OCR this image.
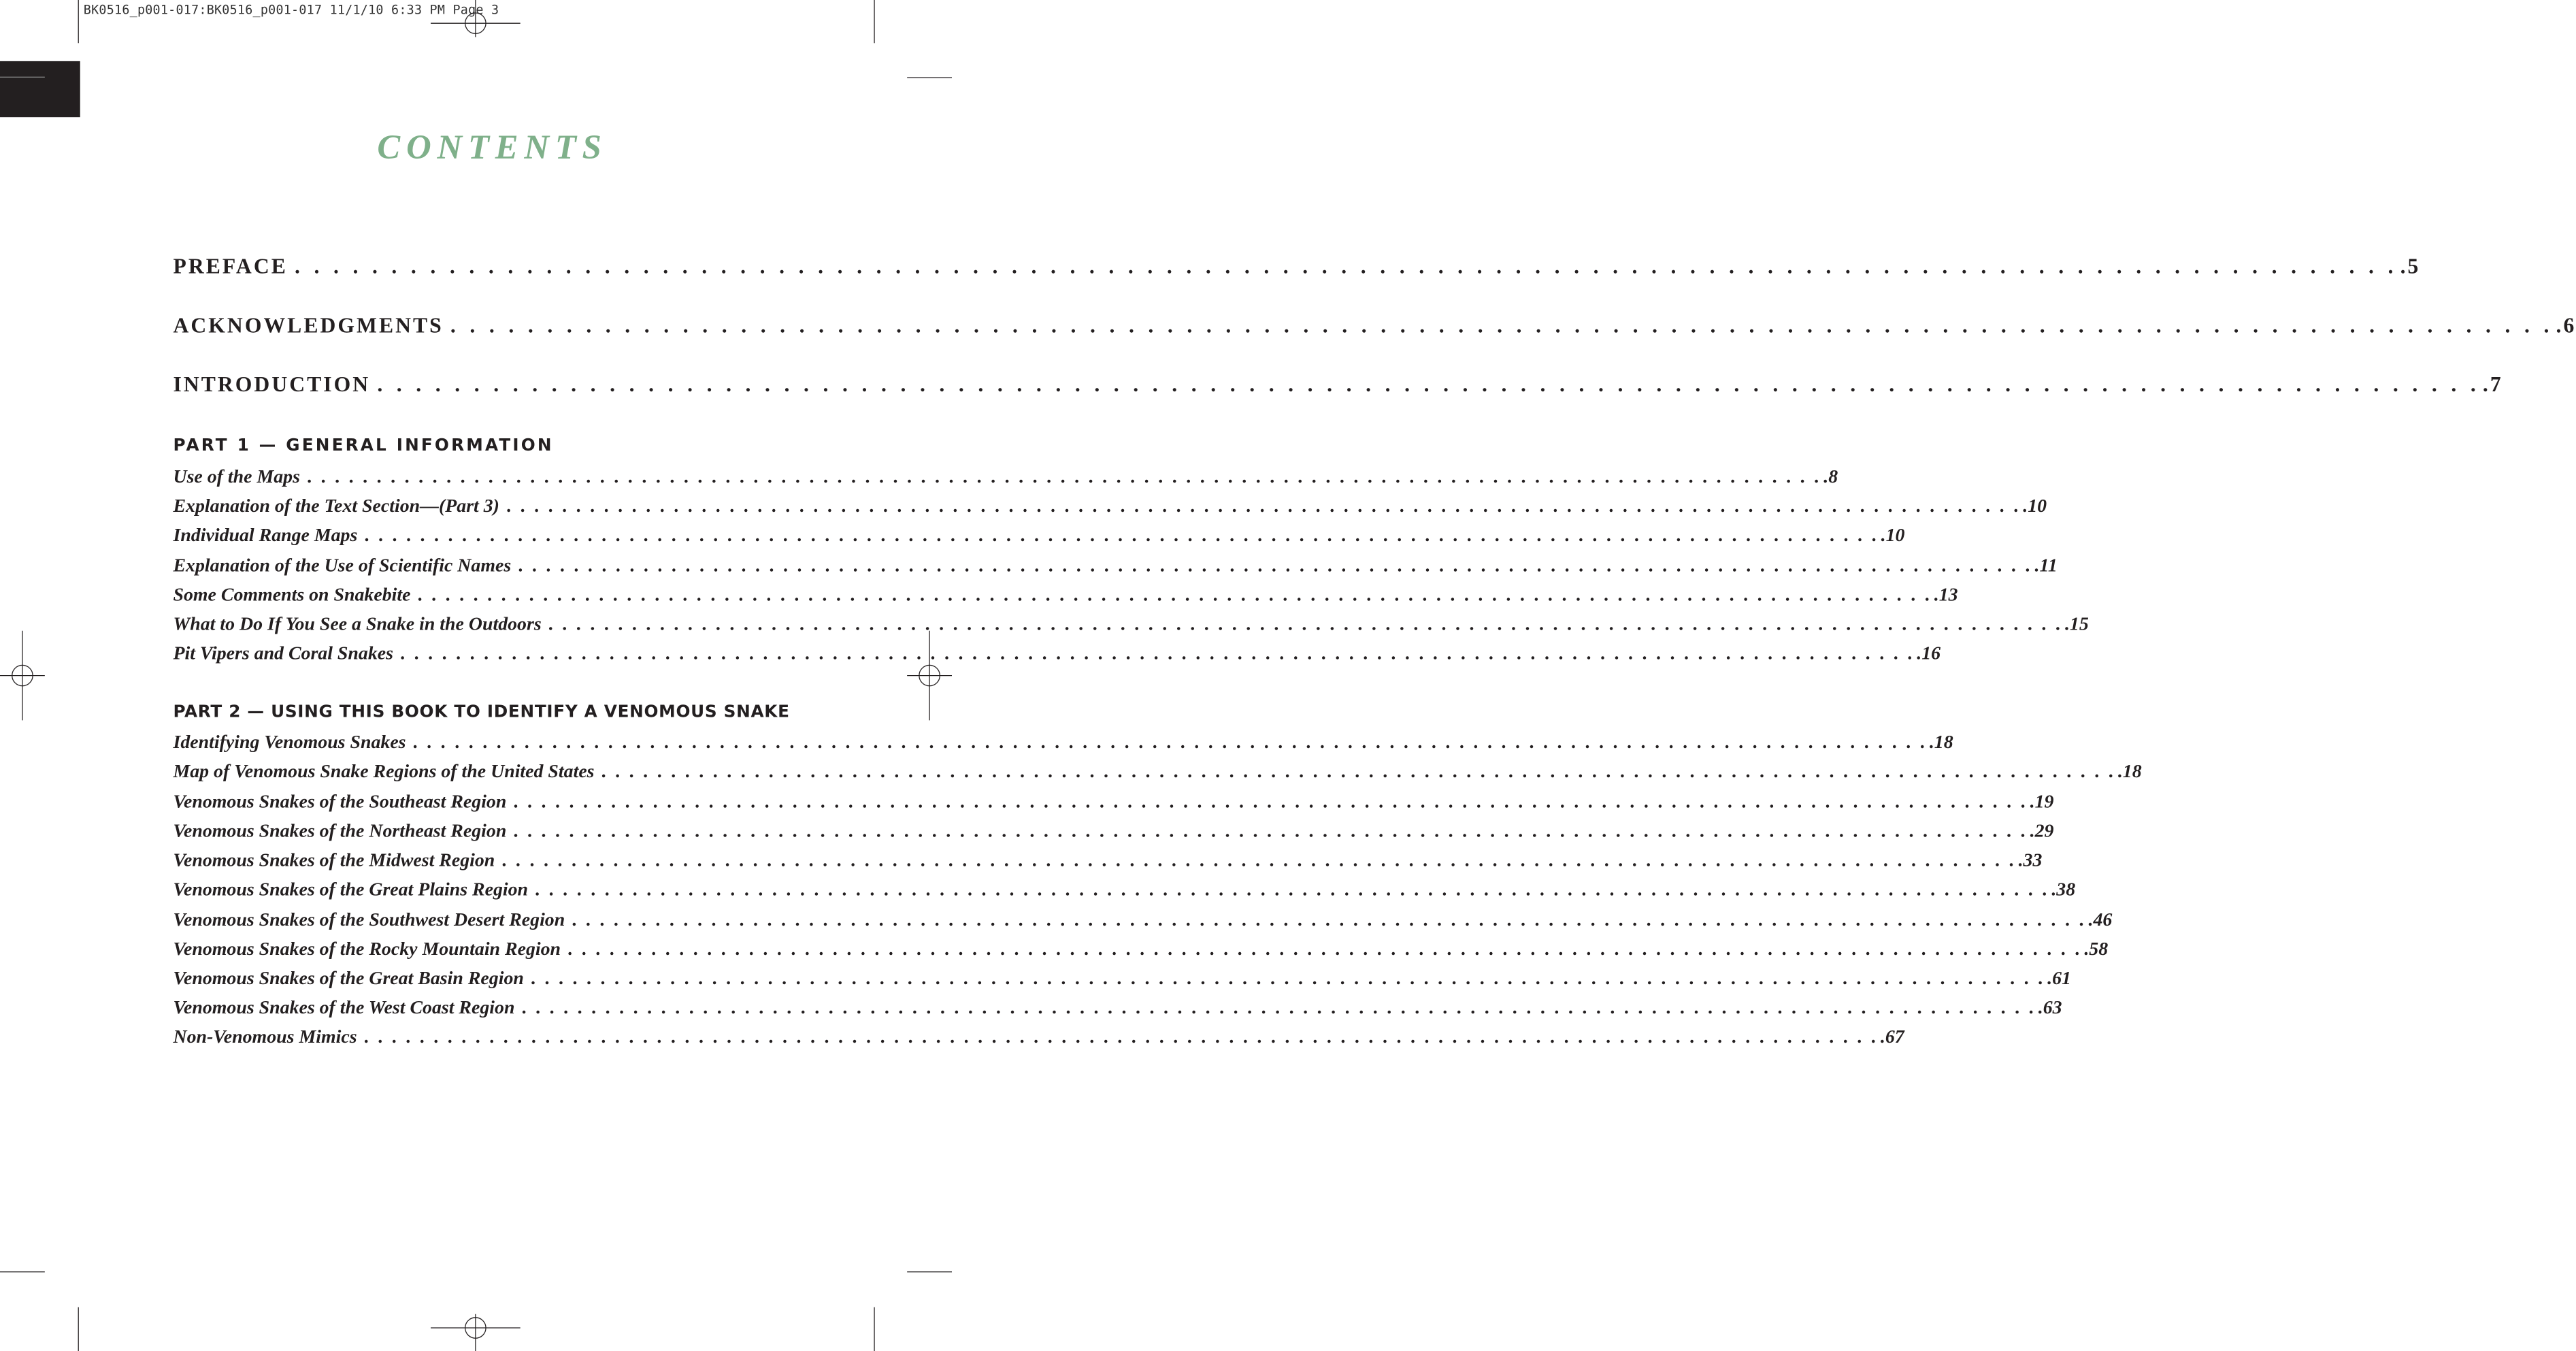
BK0516_p001-017:BK0516_p001-017 11/1/10 6:33 PM Page 3
CONTENTS
PREFACE . . . . . . . . . . . . . . . . . . . . . . . . . . . . . . . . . . . . . . . . . . . . . . . . . . . . . . . . . . . . . . . . . . . . . . . . . . . . . . . . . . . . . . . . . . . . . . . . . . . . . . . . . . . . . .5
ACKNOWLEDGMENTS . . . . . . . . . . . . . . . . . . . . . . . . . . . . . . . . . . . . . . . . . . . . . . . . . . . . . . . . . . . . . . . . . . . . . . . . . . . . . . . . . . . . . . . . . . . . . . . . . . . . . . . . . . . . . .6
INTRODUCTION . . . . . . . . . . . . . . . . . . . . . . . . . . . . . . . . . . . . . . . . . . . . . . . . . . . . . . . . . . . . . . . . . . . . . . . . . . . . . . . . . . . . . . . . . . . . . . . . . . . . . . . . . . . . . .7
PART 1 — GENERAL INFORMATION
Use of the Maps . . . . . . . . . . . . . . . . . . . . . . . . . . . . . . . . . . . . . . . . . . . . . . . . . . . . . . . . . . . . . . . . . . . . . . . . . . . . . . . . . . . . . . . . . . . . . . . . . . . . . . . . . . . . . .8
Explanation of the Text Section—(Part 3) . . . . . . . . . . . . . . . . . . . . . . . . . . . . . . . . . . . . . . . . . . . . . . . . . . . . . . . . . . . . . . . . . . . . . . . . . . . . . . . . . . . . . . . . . . . . . . . . . . . . . . . . . . . . . .10
Individual Range Maps . . . . . . . . . . . . . . . . . . . . . . . . . . . . . . . . . . . . . . . . . . . . . . . . . . . . . . . . . . . . . . . . . . . . . . . . . . . . . . . . . . . . . . . . . . . . . . . . . . . . . . . . . . . . . .10
Explanation of the Use of Scientific Names . . . . . . . . . . . . . . . . . . . . . . . . . . . . . . . . . . . . . . . . . . . . . . . . . . . . . . . . . . . . . . . . . . . . . . . . . . . . . . . . . . . . . . . . . . . . . . . . . . . . . . . . . . . . . .11
Some Comments on Snakebite . . . . . . . . . . . . . . . . . . . . . . . . . . . . . . . . . . . . . . . . . . . . . . . . . . . . . . . . . . . . . . . . . . . . . . . . . . . . . . . . . . . . . . . . . . . . . . . . . . . . . . . . . . . . . .13
What to Do If You See a Snake in the Outdoors . . . . . . . . . . . . . . . . . . . . . . . . . . . . . . . . . . . . . . . . . . . . . . . . . . . . . . . . . . . . . . . . . . . . . . . . . . . . . . . . . . . . . . . . . . . . . . . . . . . . . . . . . . . . . .15
Pit Vipers and Coral Snakes . . . . . . . . . . . . . . . . . . . . . . . . . . . . . . . . . . . . . . . . . . . . . . . . . . . . . . . . . . . . . . . . . . . . . . . . . . . . . . . . . . . . . . . . . . . . . . . . . . . . . . . . . . . . . .16
PART 2 — USING THIS BOOK TO IDENTIFY A VENOMOUS SNAKE
Identifying Venomous Snakes . . . . . . . . . . . . . . . . . . . . . . . . . . . . . . . . . . . . . . . . . . . . . . . . . . . . . . . . . . . . . . . . . . . . . . . . . . . . . . . . . . . . . . . . . . . . . . . . . . . . . . . . . . . . . .18
Map of Venomous Snake Regions of the United States . . . . . . . . . . . . . . . . . . . . . . . . . . . . . . . . . . . . . . . . . . . . . . . . . . . . . . . . . . . . . . . . . . . . . . . . . . . . . . . . . . . . . . . . . . . . . . . . . . . . . . . . . . . . . .18
Venomous Snakes of the Southeast Region . . . . . . . . . . . . . . . . . . . . . . . . . . . . . . . . . . . . . . . . . . . . . . . . . . . . . . . . . . . . . . . . . . . . . . . . . . . . . . . . . . . . . . . . . . . . . . . . . . . . . . . . . . . . . .19
Venomous Snakes of the Northeast Region . . . . . . . . . . . . . . . . . . . . . . . . . . . . . . . . . . . . . . . . . . . . . . . . . . . . . . . . . . . . . . . . . . . . . . . . . . . . . . . . . . . . . . . . . . . . . . . . . . . . . . . . . . . . . .29
Venomous Snakes of the Midwest Region . . . . . . . . . . . . . . . . . . . . . . . . . . . . . . . . . . . . . . . . . . . . . . . . . . . . . . . . . . . . . . . . . . . . . . . . . . . . . . . . . . . . . . . . . . . . . . . . . . . . . . . . . . . . . .33
Venomous Snakes of the Great Plains Region . . . . . . . . . . . . . . . . . . . . . . . . . . . . . . . . . . . . . . . . . . . . . . . . . . . . . . . . . . . . . . . . . . . . . . . . . . . . . . . . . . . . . . . . . . . . . . . . . . . . . . . . . . . . . .38
Venomous Snakes of the Southwest Desert Region . . . . . . . . . . . . . . . . . . . . . . . . . . . . . . . . . . . . . . . . . . . . . . . . . . . . . . . . . . . . . . . . . . . . . . . . . . . . . . . . . . . . . . . . . . . . . . . . . . . . . . . . . . . . . .46
Venomous Snakes of the Rocky Mountain Region . . . . . . . . . . . . . . . . . . . . . . . . . . . . . . . . . . . . . . . . . . . . . . . . . . . . . . . . . . . . . . . . . . . . . . . . . . . . . . . . . . . . . . . . . . . . . . . . . . . . . . . . . . . . . .58
Venomous Snakes of the Great Basin Region . . . . . . . . . . . . . . . . . . . . . . . . . . . . . . . . . . . . . . . . . . . . . . . . . . . . . . . . . . . . . . . . . . . . . . . . . . . . . . . . . . . . . . . . . . . . . . . . . . . . . . . . . . . . . .61
Venomous Snakes of the West Coast Region . . . . . . . . . . . . . . . . . . . . . . . . . . . . . . . . . . . . . . . . . . . . . . . . . . . . . . . . . . . . . . . . . . . . . . . . . . . . . . . . . . . . . . . . . . . . . . . . . . . . . . . . . . . . . .63
Non-Venomous Mimics . . . . . . . . . . . . . . . . . . . . . . . . . . . . . . . . . . . . . . . . . . . . . . . . . . . . . . . . . . . . . . . . . . . . . . . . . . . . . . . . . . . . . . . . . . . . . . . . . . . . . . . . . . . . . .67
